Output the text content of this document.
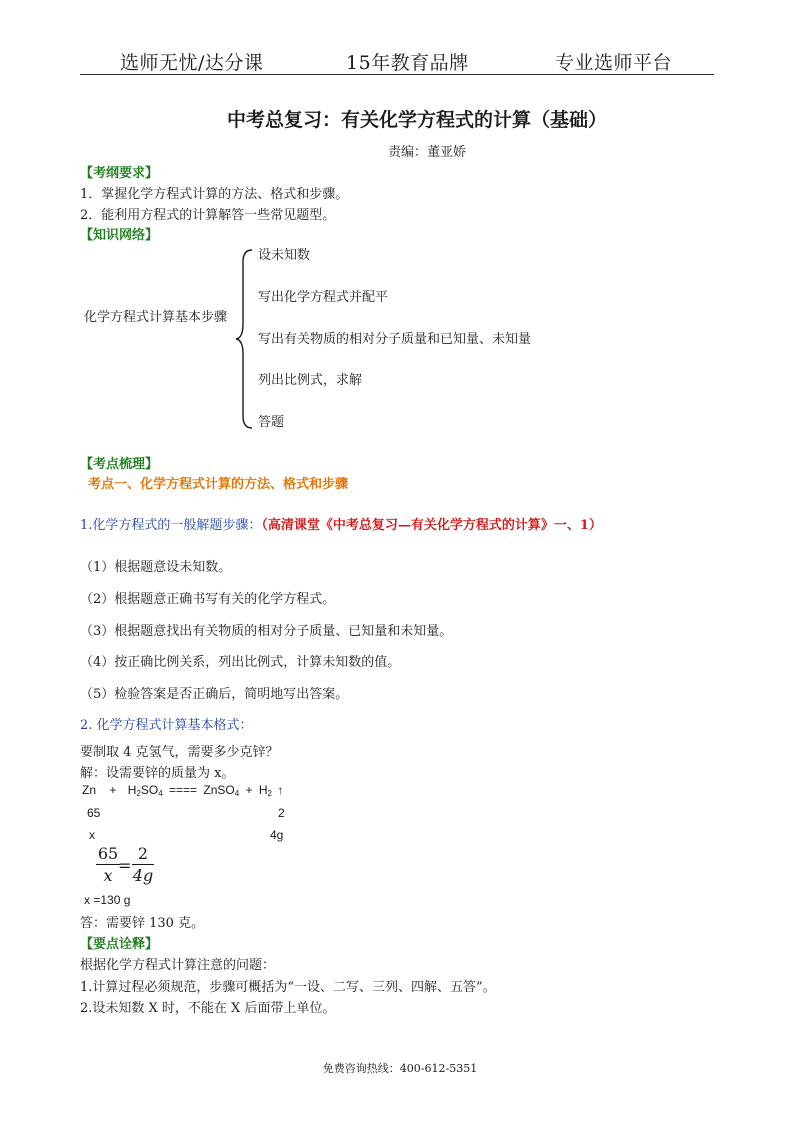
选师无忧/达分课	15年教育品牌	专业选师平台
中考总复习：有关化学方程式的计算（基础）
责编：董亚娇
【考纲要求】
1．掌握化学方程式计算的方法、格式和步骤。
2．能利用方程式的计算解答一些常见题型。
【知识网络】
化学方程式计算基本步骤
设未知数
写出化学方程式并配平
写出有关物质的相对分子质量和已知量、未知量
列出比例式，求解
答题
【考点梳理】
考点一、化学方程式计算的方法、格式和步骤
1.化学方程式的一般解题步骤：（高清课堂《中考总复习—有关化学方程式的计算》一、1）
（1）根据题意设未知数。
（2）根据题意正确书写有关的化学方程式。
（3）根据题意找出有关物质的相对分子质量、已知量和未知量。
（4）按正确比例关系，列出比例式，计算未知数的值。
（5）检验答案是否正确后，简明地写出答案。
2. 化学方程式计算基本格式：
要制取 4 克氢气，需要多少克锌？
解：设需要锌的质量为 x。
$Zn + H_2SO_4$ ==== ZnSO$_4$ + $H_2$ ↑
65	2
x	4g
65
x
=
2
4g
x =130 g
答：需要锌 130 克。
【要点诠释】
根据化学方程式计算注意的问题：
1.计算过程必须规范，步骤可概括为“一设、二写、三列、四解、五答”。
2.设未知数 X 时，不能在 X 后面带上单位。
免费咨询热线：400-612-5351
